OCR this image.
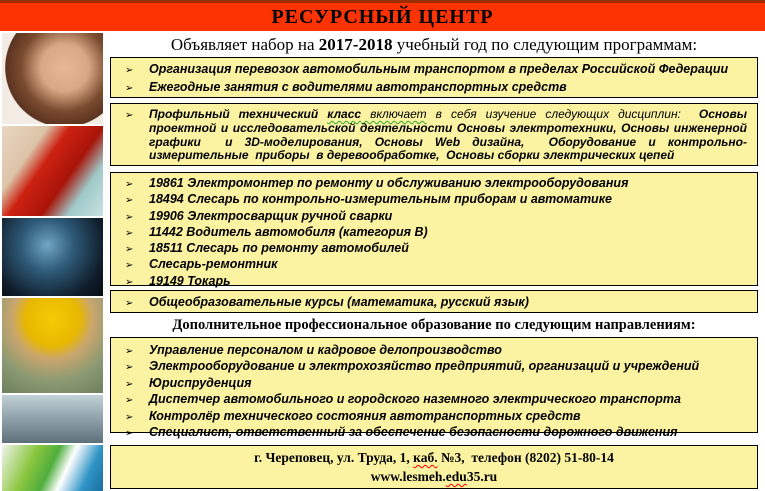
РЕСУРСНЫЙ ЦЕНТР
Объявляет набор на 2017-2018 учебный год по следующим программам:
➢	Организация перевозок автомобильным транспортом в пределах Российской Федерации
➢	Ежегодные занятия с водителями автотранспортных средств
➢	Профильный технический класс включает в себя изучение следующих дисциплин:  Основы проектной и исследовательской деятельности Основы электротехники, Основы инженерной графики  и 3D-моделирования, Основы Web дизайна,  Оборудование и контрольно-измерительные  приборы  в деревообработке,  Основы сборки электрических цепей
➢	19861 Электромонтер по ремонту и обслуживанию электрооборудования
➢	18494 Слесарь по контрольно-измерительным приборам и автоматике
➢	19906 Электросварщик ручной сварки
➢	11442 Водитель автомобиля (категория B)
➢	18511 Слесарь по ремонту автомобилей
➢	Слесарь-ремонтник
➢	19149 Токарь
➢	Общеобразовательные курсы (математика, русский язык)
Дополнительное профессиональное образование по следующим направлениям:
➢	Управление персоналом и кадровое делопроизводство
➢	Электрооборудование и электрохозяйство предприятий, организаций и учреждений
➢	Юриспруденция
➢	Диспетчер автомобильного и городского наземного электрического транспорта
➢	Контролёр технического состояния автотранспортных средств
➢	Специалист, ответственный за обеспечение безопасности дорожного движения
г. Череповец, ул. Труда, 1, каб. №3,  телефон (8202) 51-80-14
www.lesmeh.edu35.ru
